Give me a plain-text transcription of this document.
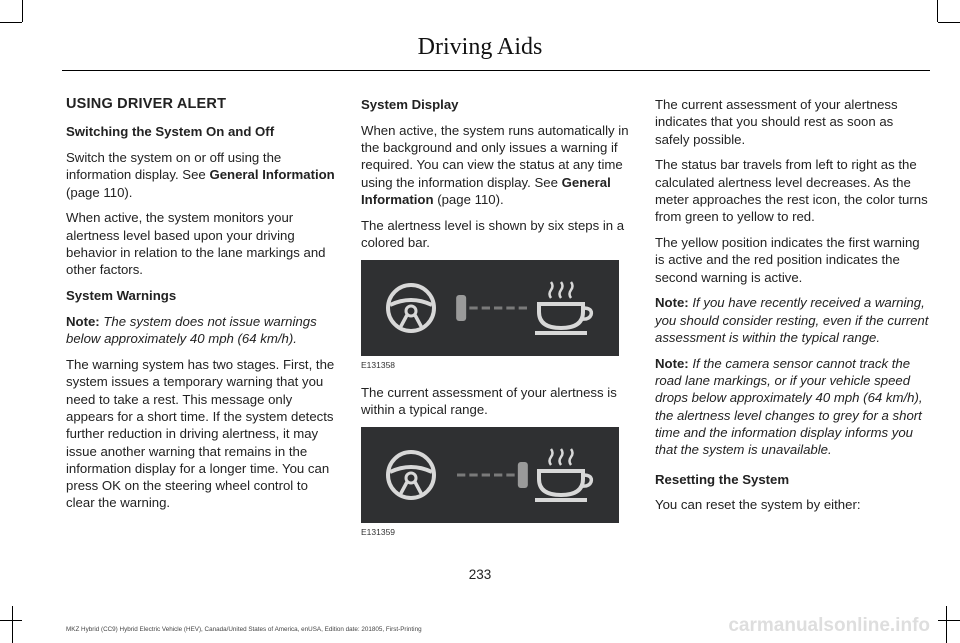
Driving Aids

USING DRIVER ALERT

Switching the System On and Off

Switch the system on or off using the information display. See General Information (page 110).

When active, the system monitors your alertness level based upon your driving behavior in relation to the lane markings and other factors.

System Warnings

Note: The system does not issue warnings below approximately 40 mph (64 km/h).

The warning system has two stages. First, the system issues a temporary warning that you need to take a rest. This message only appears for a short time. If the system detects further reduction in driving alertness, it may issue another warning that remains in the information display for a longer time. You can press OK on the steering wheel control to clear the warning.

System Display

When active, the system runs automatically in the background and only issues a warning if required. You can view the status at any time using the information display. See General Information (page 110).

The alertness level is shown by six steps in a colored bar.

E131358

The current assessment of your alertness is within a typical range.

E131359

The current assessment of your alertness indicates that you should rest as soon as safely possible.

The status bar travels from left to right as the calculated alertness level decreases. As the meter approaches the rest icon, the color turns from green to yellow to red.

The yellow position indicates the first warning is active and the red position indicates the second warning is active.

Note: If you have recently received a warning, you should consider resting, even if the current assessment is within the typical range.

Note: If the camera sensor cannot track the road lane markings, or if your vehicle speed drops below approximately 40 mph (64 km/h), the alertness level changes to grey for a short time and the information display informs you that the system is unavailable.

Resetting the System

You can reset the system by either:

233
MKZ Hybrid (CC9) Hybrid Electric Vehicle (HEV), Canada/United States of America, enUSA, Edition date: 201805, First-Printing	carmanualsonline.info
